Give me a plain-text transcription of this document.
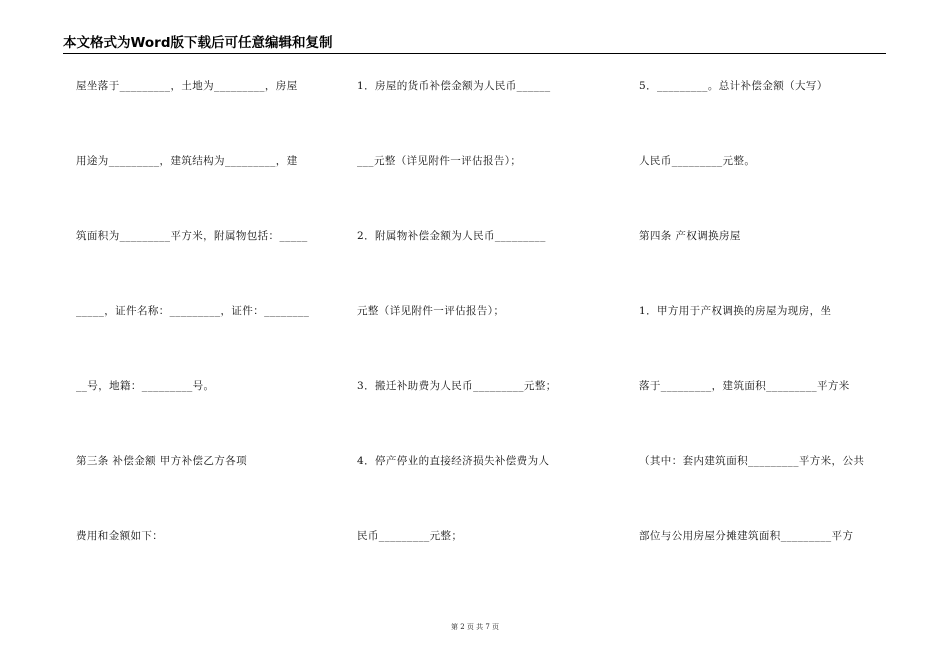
本文格式为Word版下载后可任意编辑和复制
屋坐落于_________，土地为_________，房屋
用途为_________，建筑结构为_________，建
筑面积为_________平方米，附属物包括：_____
_____，证件名称：_________，证件：________
__号，地籍：_________号。
第三条 补偿金额 甲方补偿乙方各项
费用和金额如下：
1．房屋的货币补偿金额为人民币______
___元整（详见附件一评估报告）；
2．附属物补偿金额为人民币_________
元整（详见附件一评估报告）；
3．搬迁补助费为人民币_________元整；
4．停产停业的直接经济损失补偿费为人
民币_________元整；
5．_________。总计补偿金额（大写）
人民币_________元整。
第四条 产权调换房屋
1．甲方用于产权调换的房屋为现房，坐
落于_________，建筑面积_________平方米
（其中：套内建筑面积_________平方米，公共
部位与公用房屋分摊建筑面积_________平方
第 2 页 共 7 页
